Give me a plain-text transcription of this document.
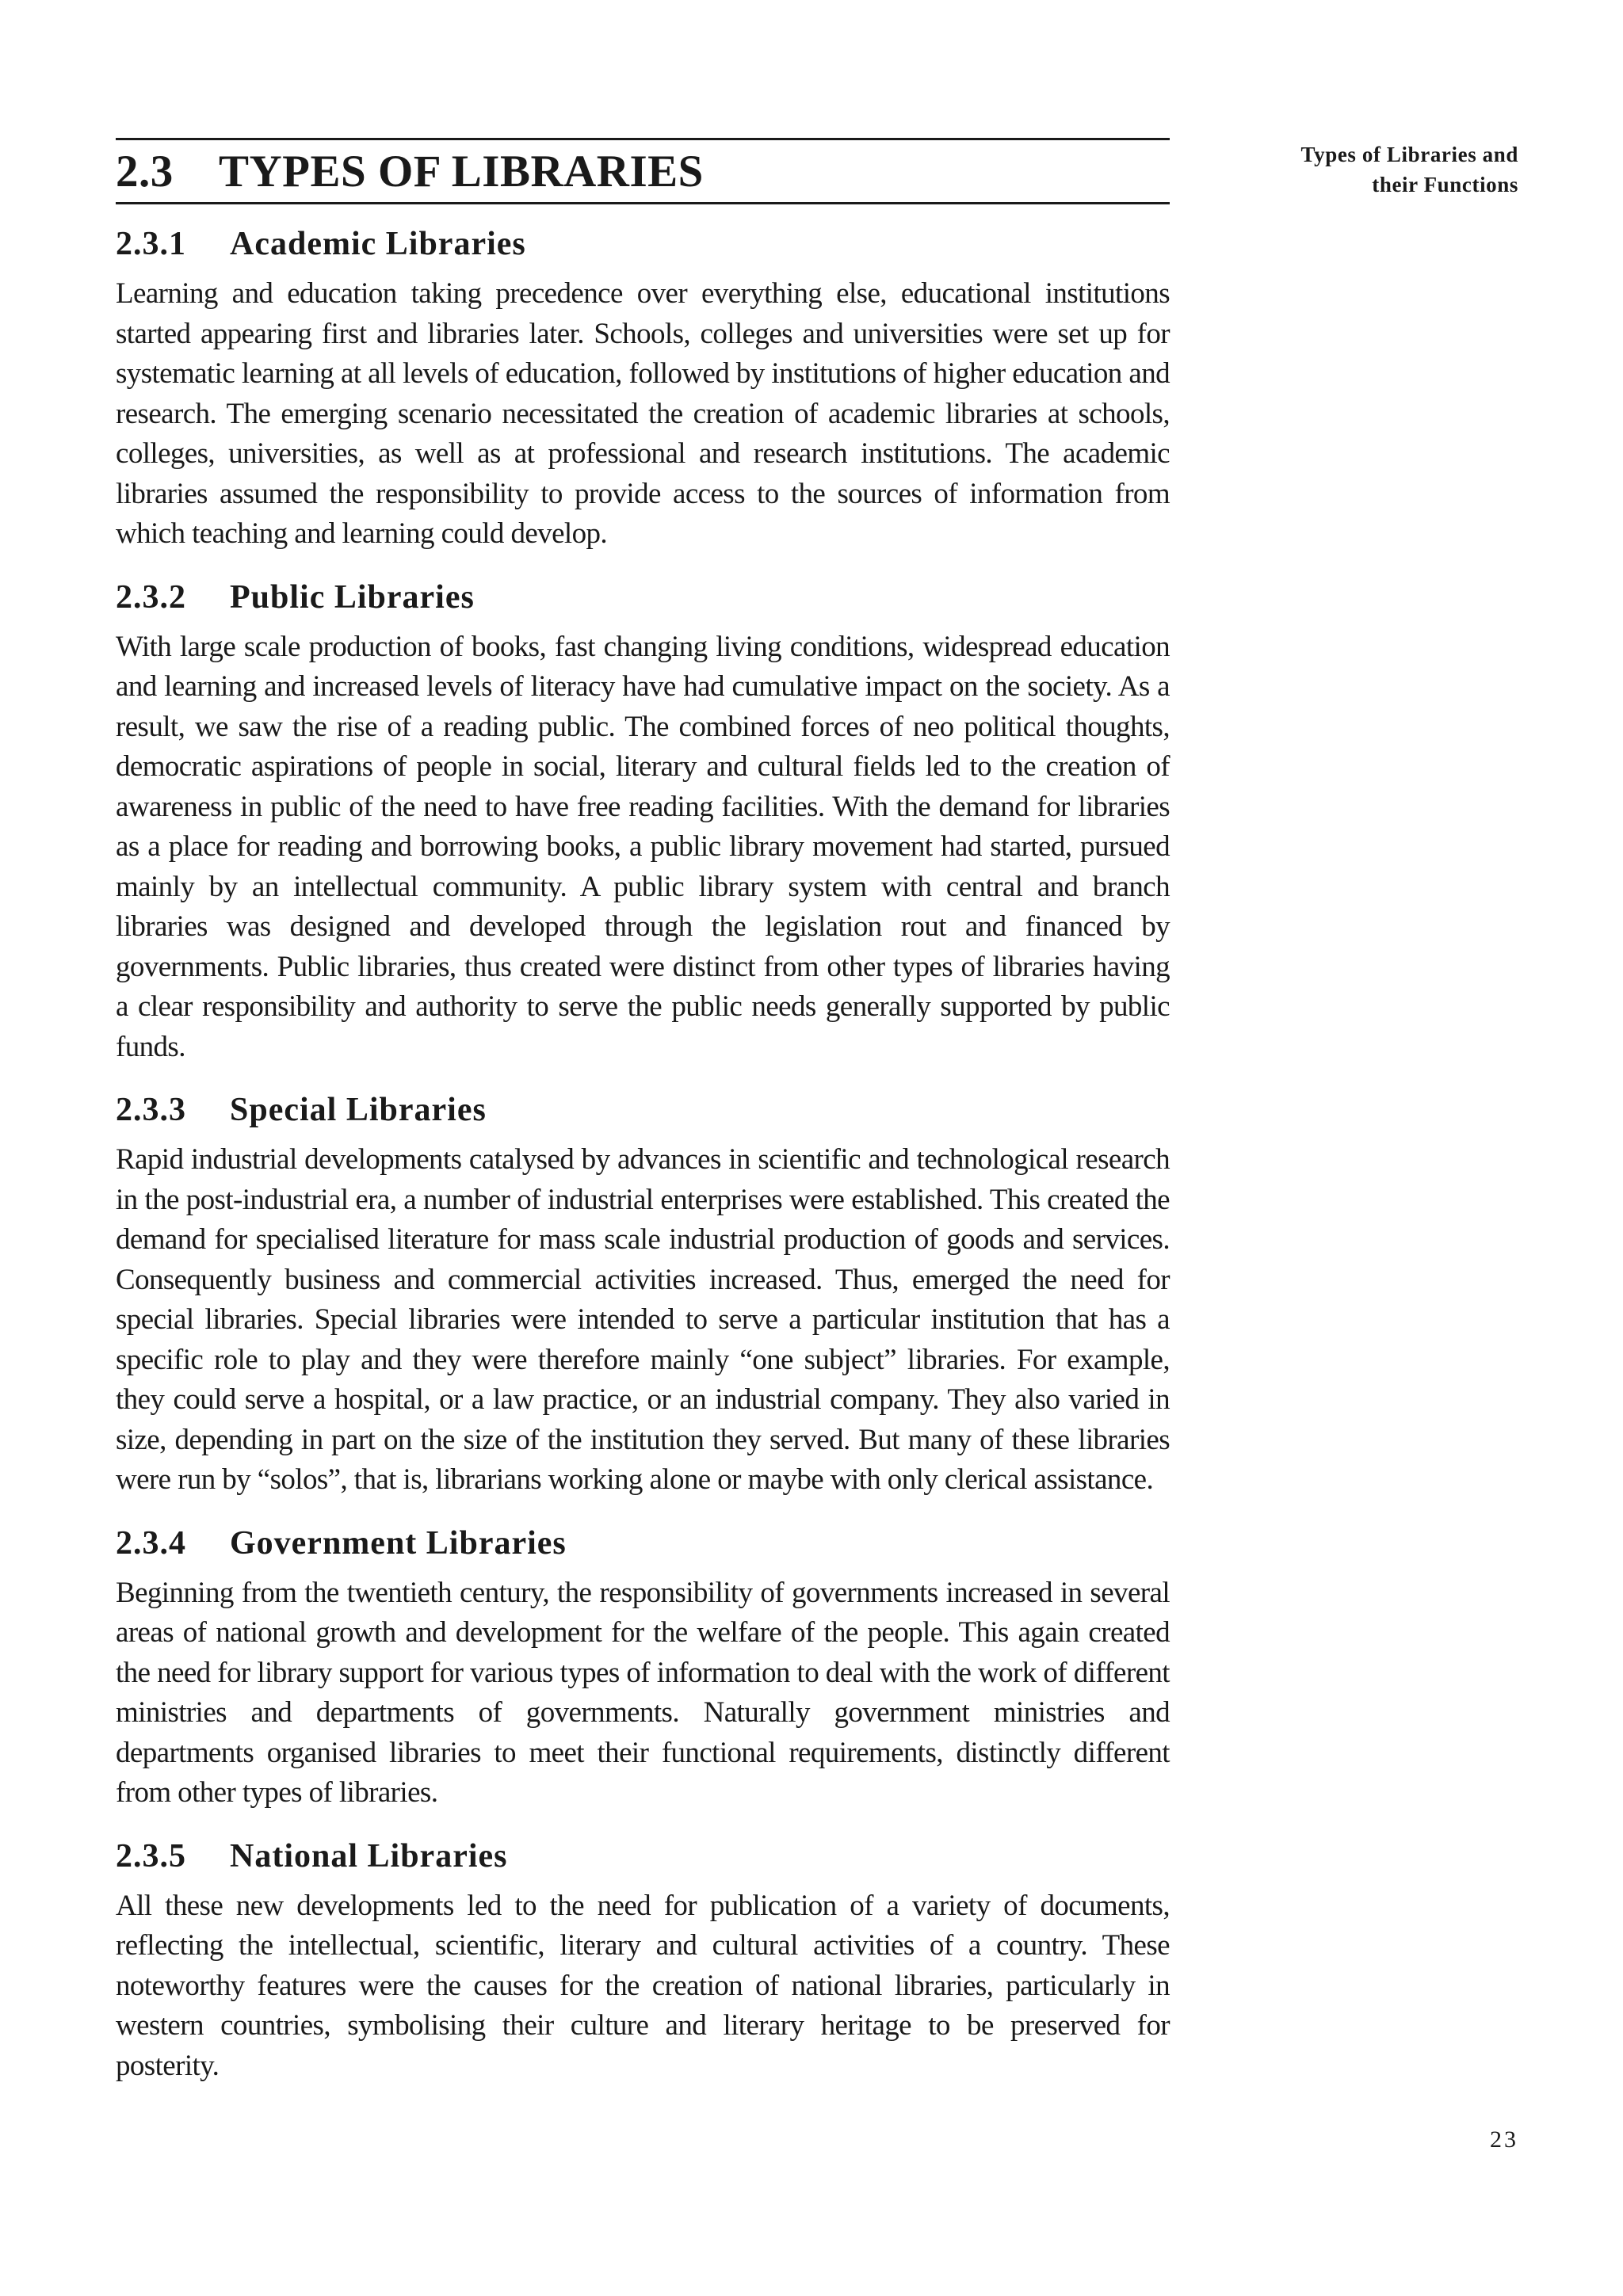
Types of Libraries and
their Functions
2.3	TYPES OF LIBRARIES
2.3.1	Academic Libraries

Learning and education taking precedence over everything else, educational institutions started appearing first and libraries later. Schools, colleges and universities were set up for systematic learning at all levels of education, followed by institutions of higher education and research. The emerging scenario necessitated the creation of academic libraries at schools, colleges, universities, as well as at professional and research institutions. The academic libraries assumed the responsibility to provide access to the sources of information from which teaching and learning could develop.

2.3.2	Public Libraries

With large scale production of books, fast changing living conditions, widespread education and learning and increased levels of literacy have had cumulative impact on the society. As a result, we saw the rise of a reading public. The combined forces of neo political thoughts, democratic aspirations of people in social, literary and cultural fields led to the creation of awareness in public of the need to have free reading facilities. With the demand for libraries as a place for reading and borrowing books, a public library movement had started, pursued mainly by an intellectual community. A public library system with central and branch libraries was designed and developed through the legislation rout and financed by governments. Public libraries, thus created were distinct from other types of libraries having a clear responsibility and authority to serve the public needs generally supported by public funds.

2.3.3	Special Libraries

Rapid industrial developments catalysed by advances in scientific and technological research in the post-industrial era, a number of industrial enterprises were established. This created the demand for specialised literature for mass scale industrial production of goods and services. Consequently business and commercial activities increased. Thus, emerged the need for special libraries. Special libraries were intended to serve a particular institution that has a specific role to play and they were therefore mainly “one subject” libraries. For example, they could serve a hospital, or a law practice, or an industrial company. They also varied in size, depending in part on the size of the institution they served. But many of these libraries were run by “solos”, that is, librarians working alone or maybe with only clerical assistance.

2.3.4	Government Libraries

Beginning from the twentieth century, the responsibility of governments increased in several areas of national growth and development for the welfare of the people. This again created the need for library support for various types of information to deal with the work of different ministries and departments of governments. Naturally government ministries and departments organised libraries to meet their functional requirements, distinctly different from other types of libraries.

2.3.5	National Libraries

All these new developments led to the need for publication of a variety of documents, reflecting the intellectual, scientific, literary and cultural activities of a country. These noteworthy features were the causes for the creation of national libraries, particularly in western countries, symbolising their culture and literary heritage to be preserved for posterity.

23
